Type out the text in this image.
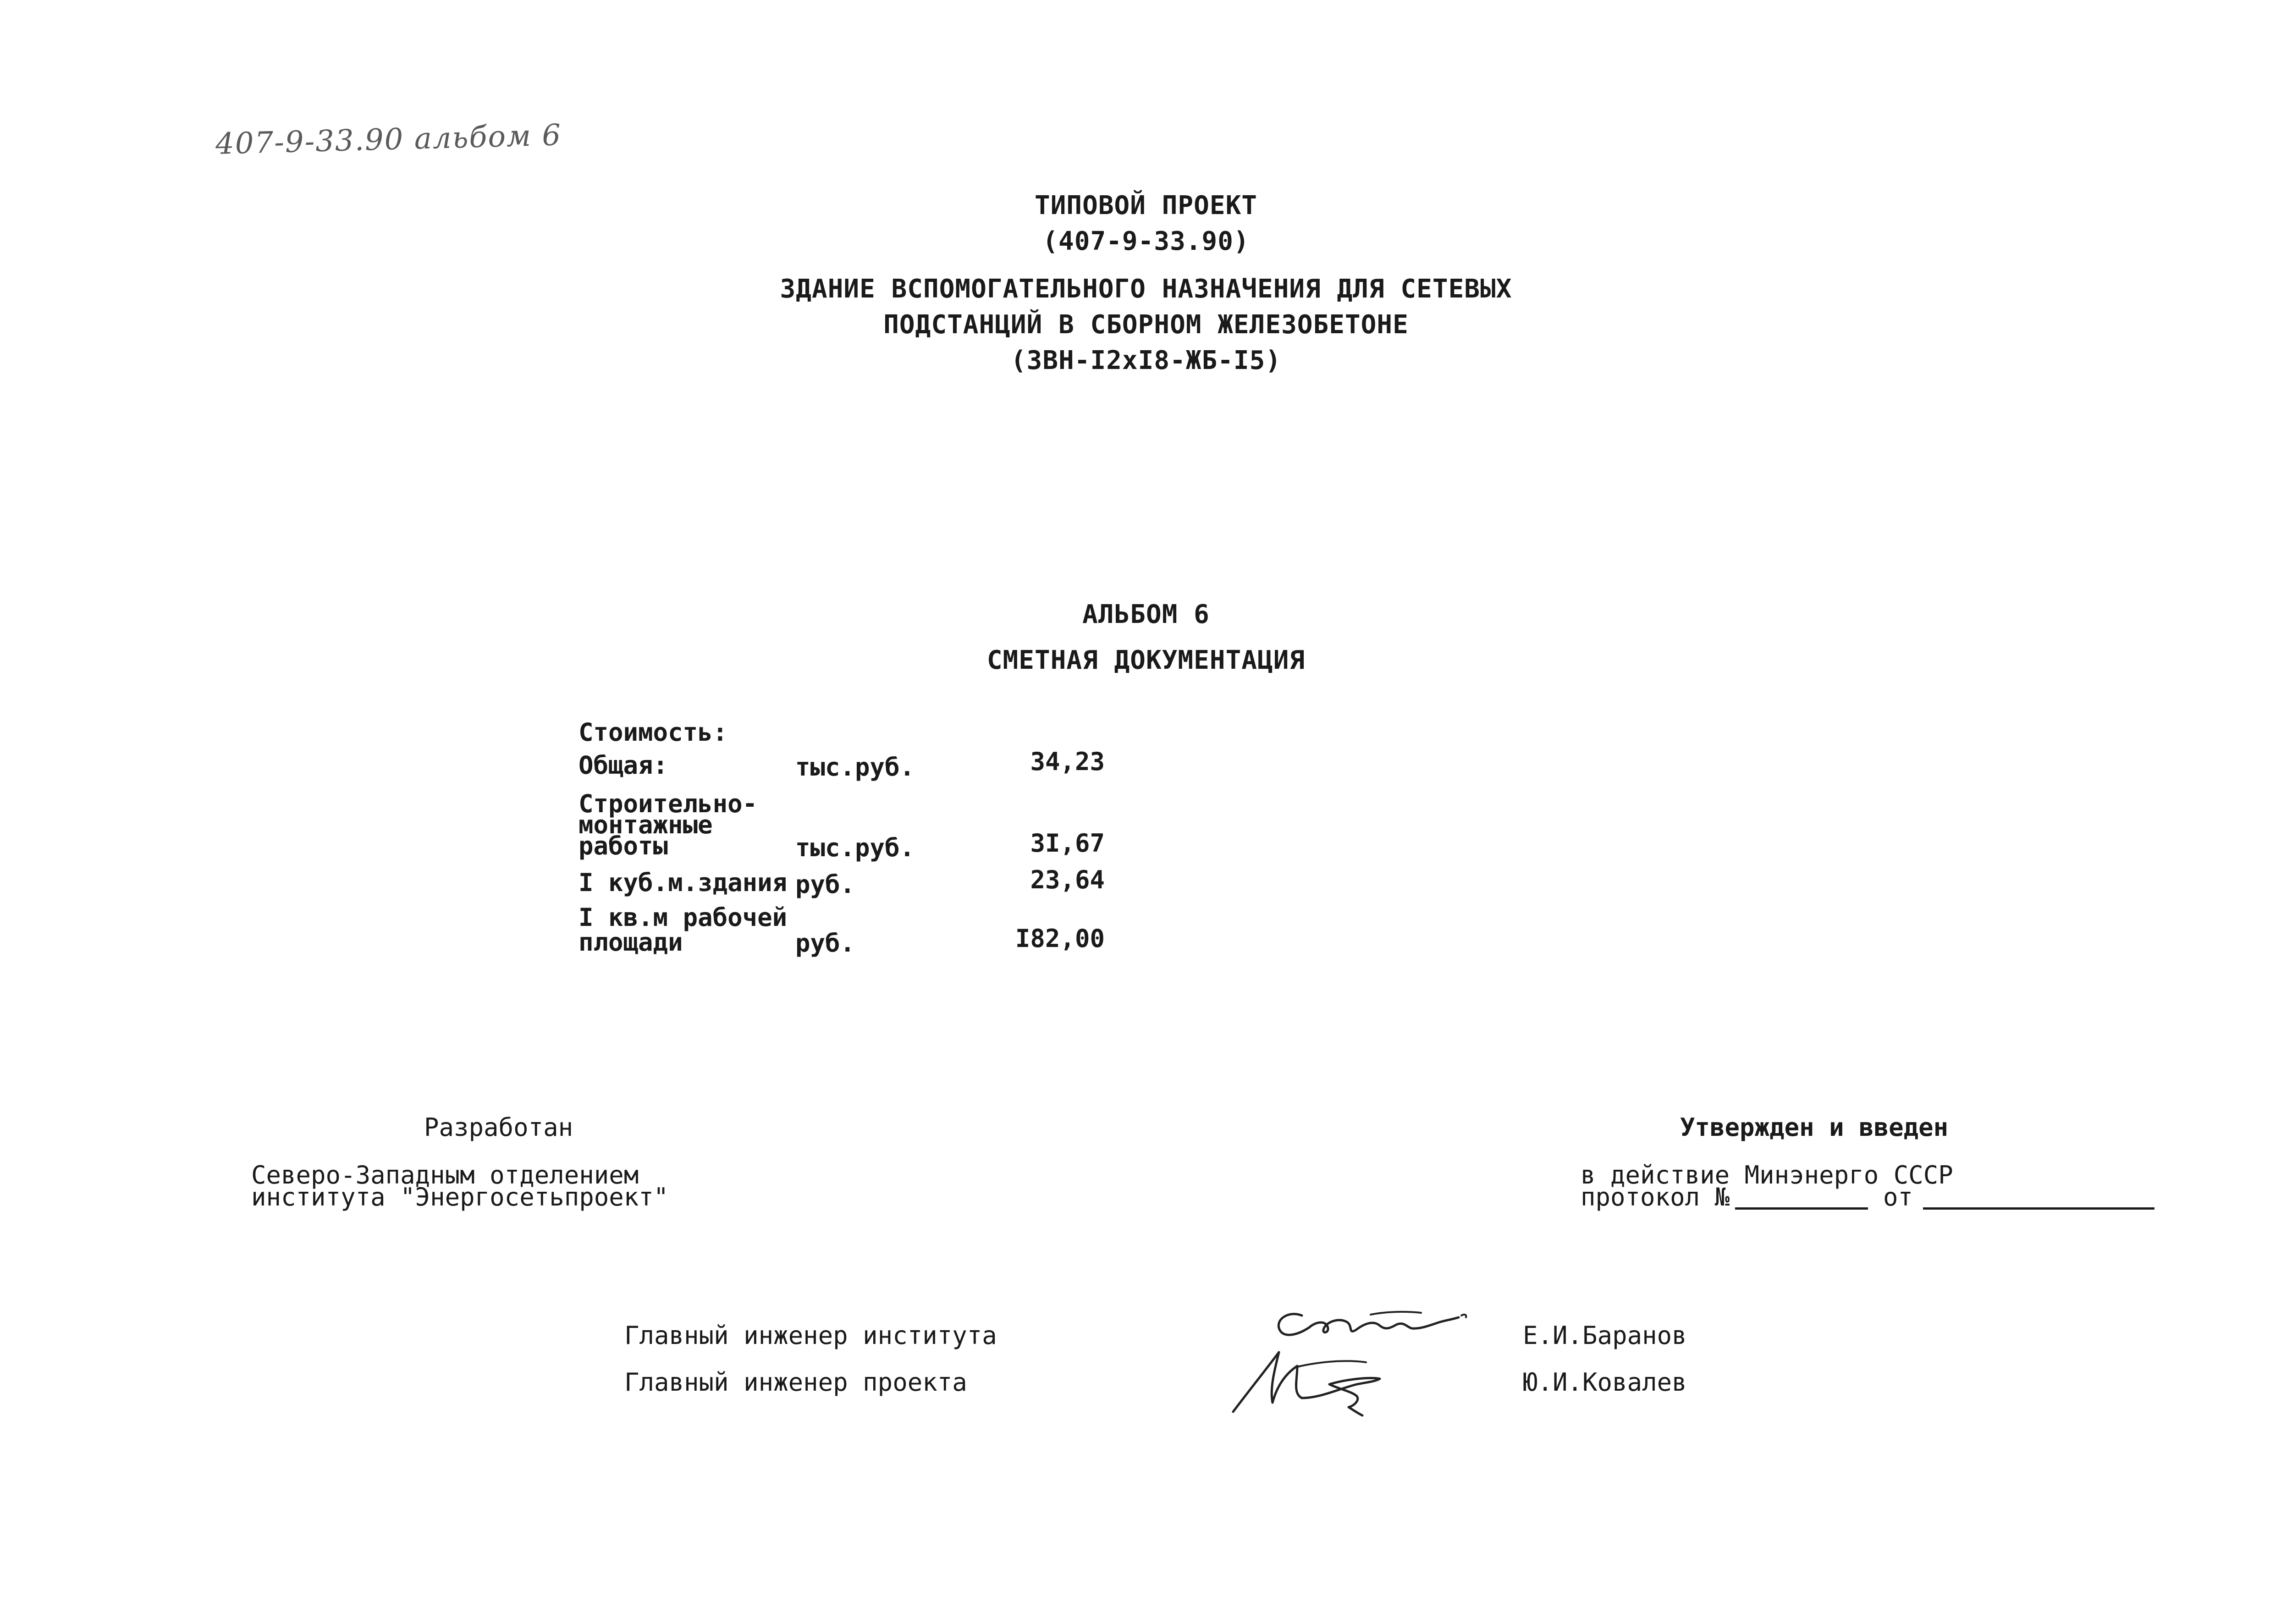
407-9-33.90 альбом 6
ТИПОВОЙ ПРОЕКТ
(407-9-33.90)
ЗДАНИЕ ВСПОМОГАТЕЛЬНОГО НАЗНАЧЕНИЯ ДЛЯ СЕТЕВЫХ
ПОДСТАНЦИЙ В СБОРНОМ ЖЕЛЕЗОБЕТОНЕ
(ЗВН-I2xI8-ЖБ-I5)
АЛЬБОМ 6
СМЕТНАЯ ДОКУМЕНТАЦИЯ
Стоимость:
Общая:	тыс.руб.	34,23
Строительно-
монтажные
работы	тыс.руб.	3I,67
I куб.м.здания руб.	23,64
I кв.м рабочей
площади	руб.	I82,00
Разработан
Северо-Западным отделением
института "Энергосетьпроект"
Утвержден и введен
в действие Минэнерго СССР
протокол №	от
Главный инженер института
Главный инженер проекта
Е.И.Баранов
Ю.И.Ковалев
